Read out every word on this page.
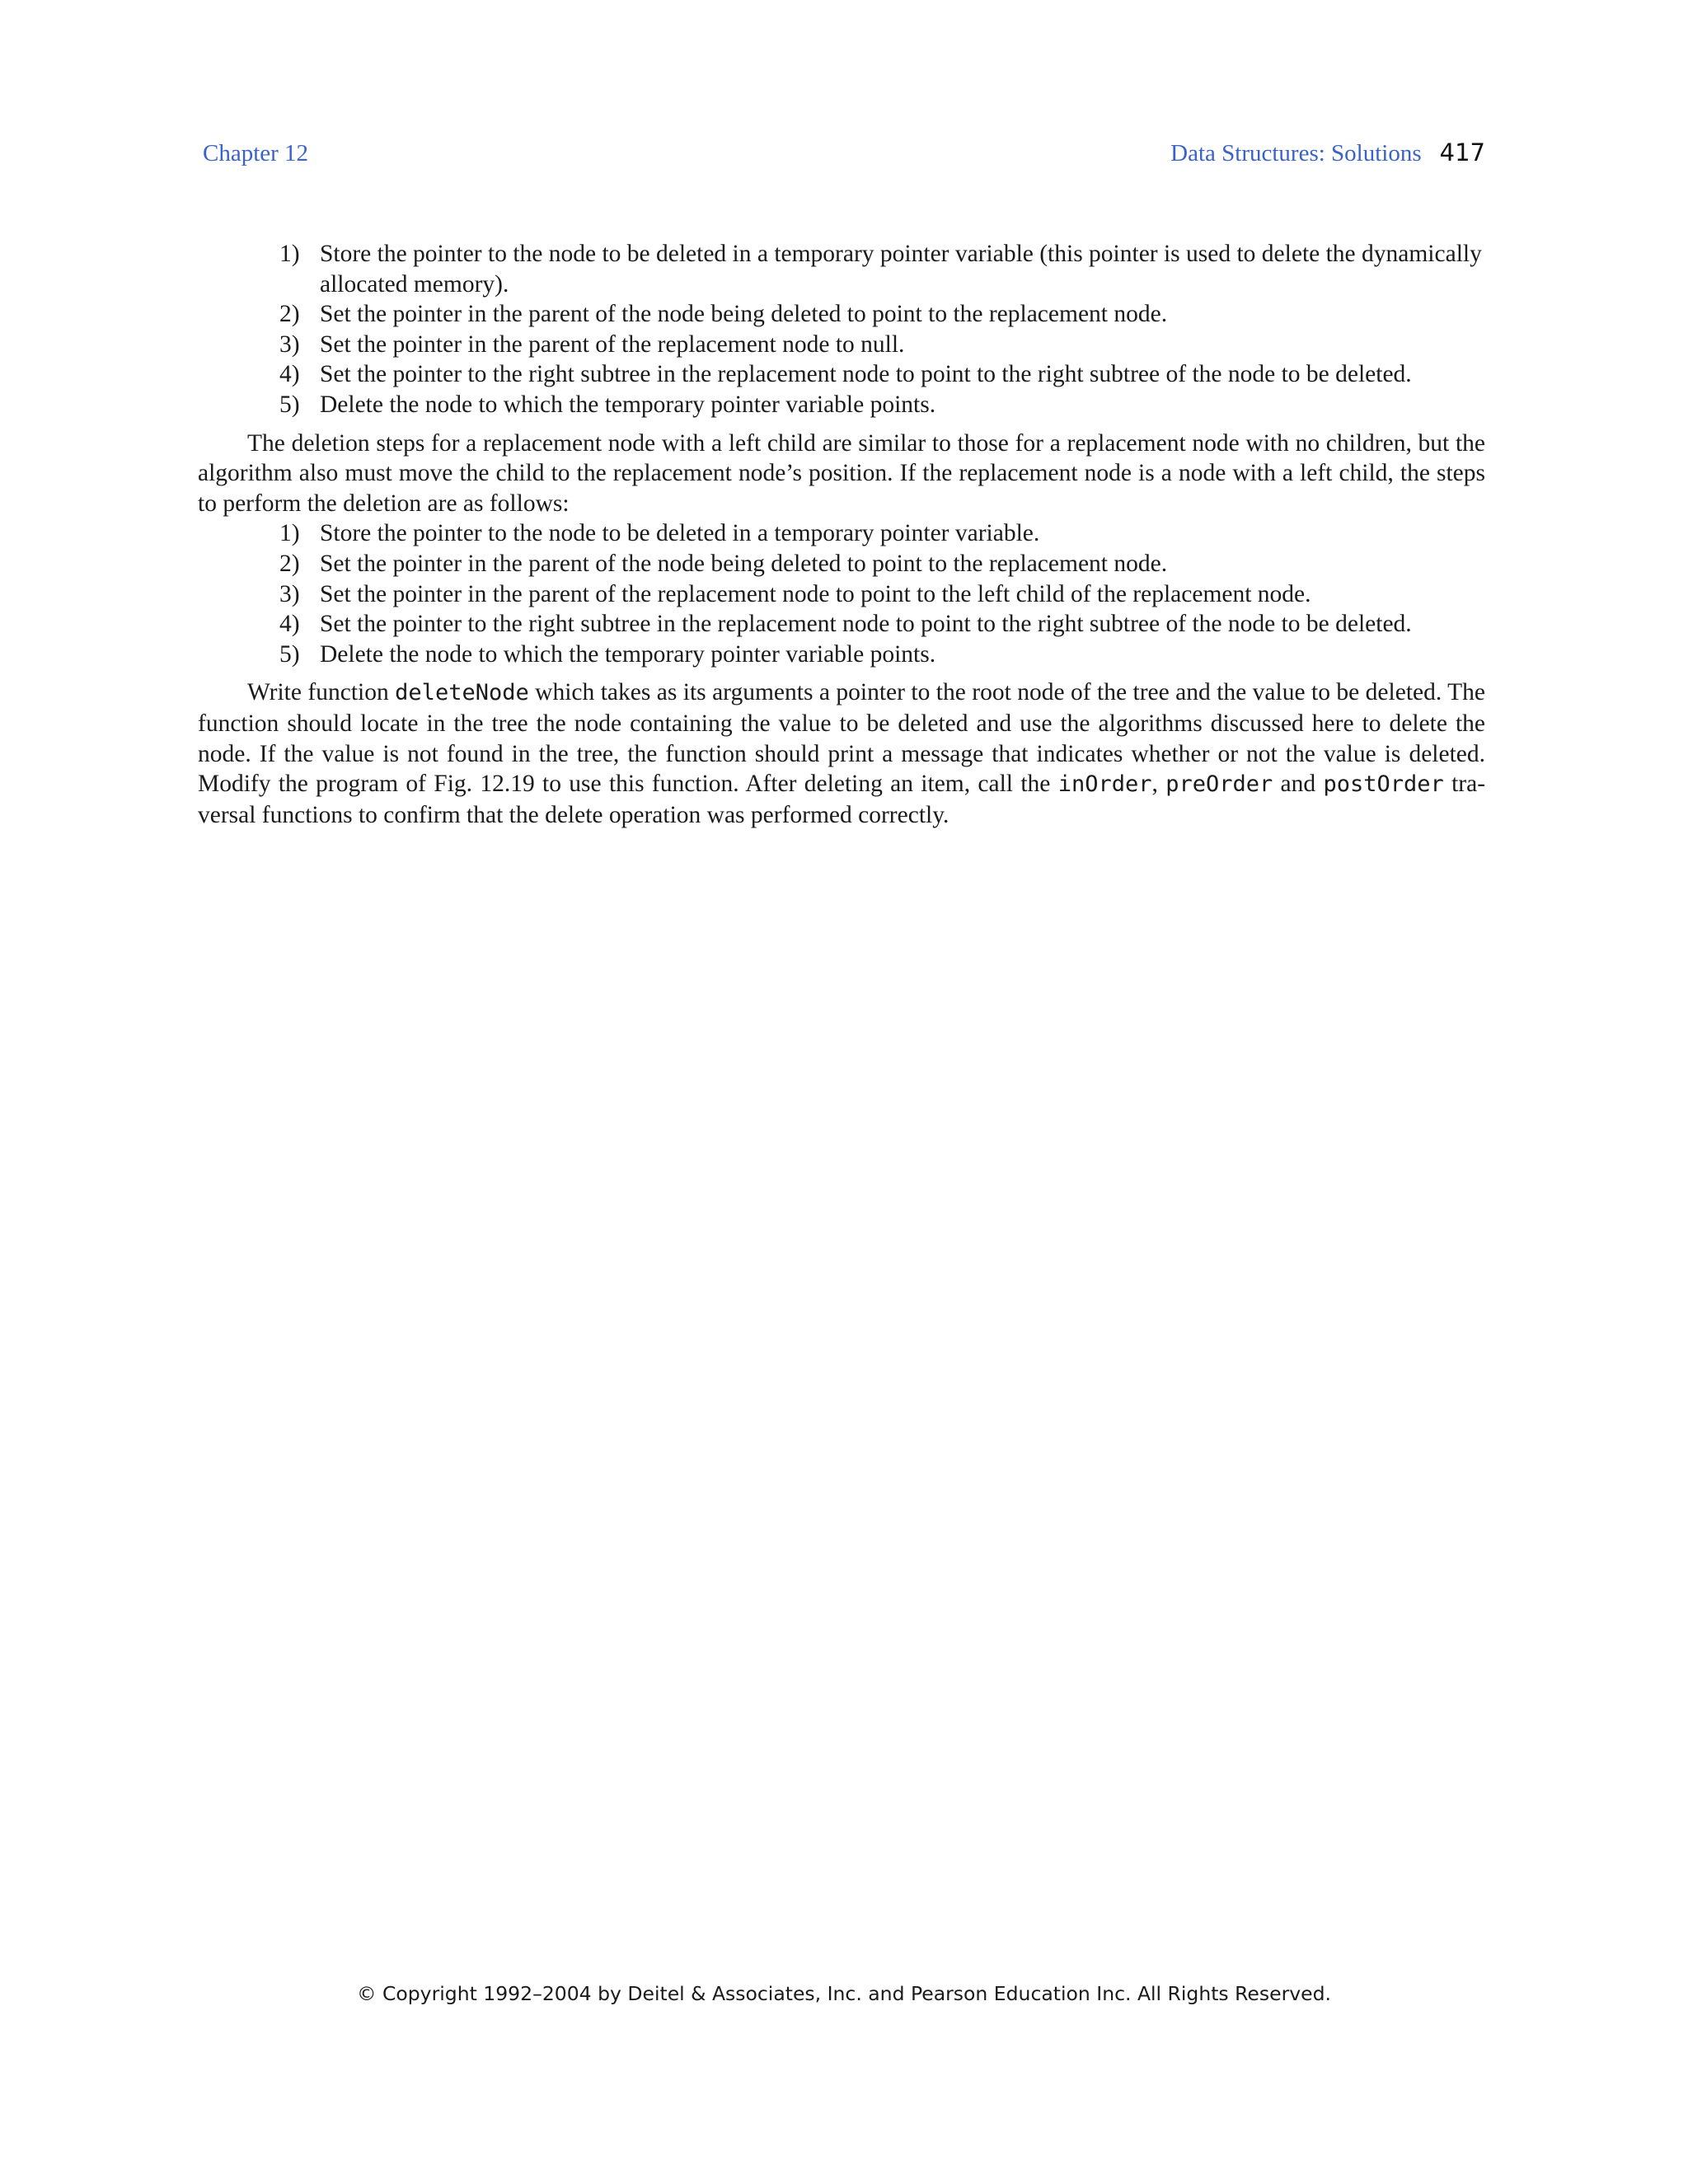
Chapter 12	Data Structures: Solutions 417
1) Store the pointer to the node to be deleted in a temporary pointer variable (this pointer is used to delete the dynamically allocated memory).
2) Set the pointer in the parent of the node being deleted to point to the replacement node.
3) Set the pointer in the parent of the replacement node to null.
4) Set the pointer to the right subtree in the replacement node to point to the right subtree of the node to be deleted.
5) Delete the node to which the temporary pointer variable points.

The deletion steps for a replacement node with a left child are similar to those for a replacement node with no children, but the algorithm also must move the child to the replacement node’s position. If the replacement node is a node with a left child, the steps to perform the deletion are as follows:

1) Store the pointer to the node to be deleted in a temporary pointer variable.
2) Set the pointer in the parent of the node being deleted to point to the replacement node.
3) Set the pointer in the parent of the replacement node to point to the left child of the replacement node.
4) Set the pointer to the right subtree in the replacement node to point to the right subtree of the node to be deleted.
5) Delete the node to which the temporary pointer variable points.

Write function deleteNode which takes as its arguments a pointer to the root node of the tree and the value to be deleted. The function should locate in the tree the node containing the value to be deleted and use the algorithms discussed here to delete the node. If the value is not found in the tree, the function should print a message that indicates whether or not the value is deleted. Modify the program of Fig. 12.19 to use this function. After deleting an item, call the inOrder, preOrder and postOrder tra-versal functions to confirm that the delete operation was performed correctly.

© Copyright 1992–2004 by Deitel & Associates, Inc. and Pearson Education Inc. All Rights Reserved.
